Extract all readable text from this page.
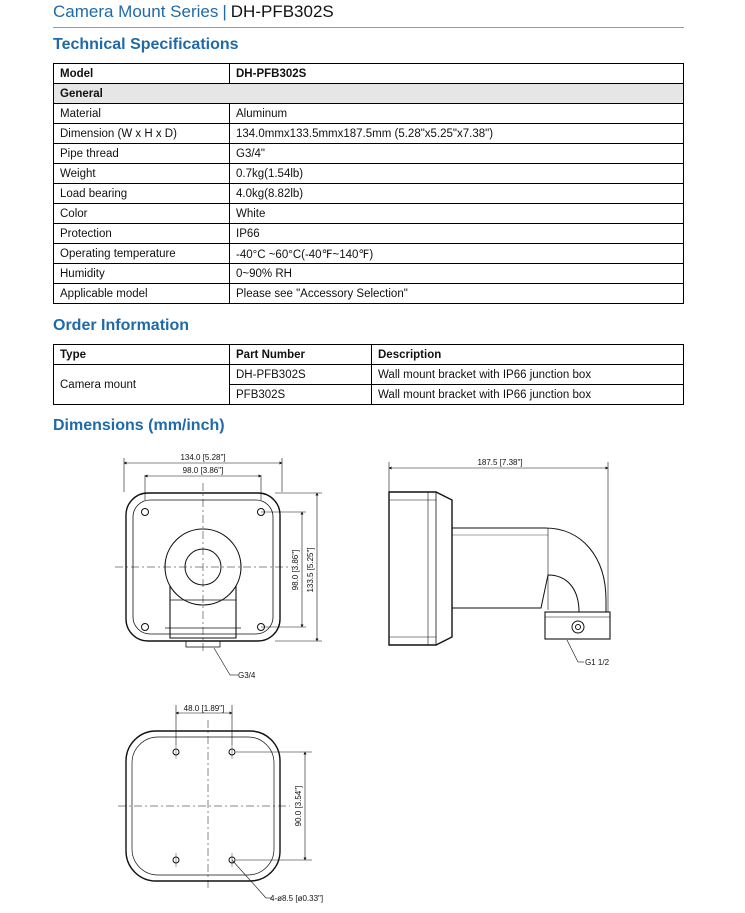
Camera Mount Series | DH-PFB302S
Technical Specifications
Model	DH-PFB302S
General	
Material	Aluminum
Dimension (W x H x D)	134.0mmx133.5mmx187.5mm (5.28"x5.25"x7.38")
Pipe thread	G3/4"
Weight	0.7kg(1.54lb)
Load bearing	4.0kg(8.82lb)
Color	White
Protection	IP66
Operating temperature	-40°C ~60°C(-40℉~140℉)
Humidity	0~90% RH
Applicable model	Please see "Accessory Selection"
Order Information
Type	Part Number	Description
Camera mount	DH-PFB302S	Wall mount bracket with IP66 junction box
	PFB302S	Wall mount bracket with IP66 junction box
Dimensions (mm/inch)
134.0 [5.28"]
98.0 [3.86"]
98.0 [3.86"] 133.5 [5.25"]
G3/4
187.5 [7.38"]
G1 1/2
48.0 [1.89"]
90.0 [3.54"]
4-ø8.5 [ø0.33"]
